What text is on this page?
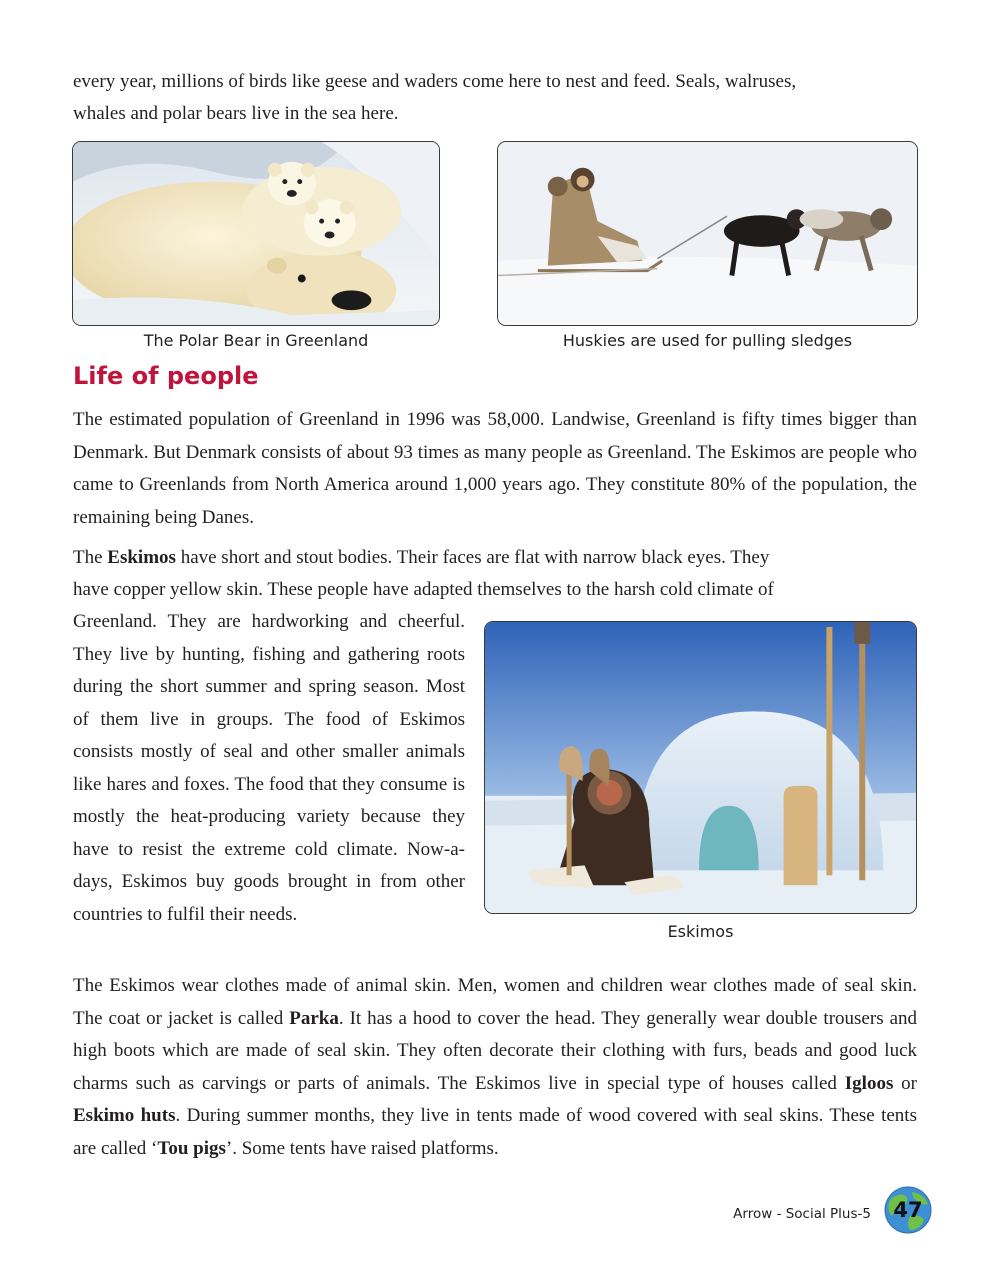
every year, millions of birds like geese and waders come here to nest and feed. Seals, walruses,

whales and polar bears live in the sea here.

The Polar Bear in Greenland	Huskies are used for pulling sledges
Life of people

The estimated population of Greenland in 1996 was 58,000. Landwise, Greenland is fifty times bigger than Denmark. But Denmark consists of about 93 times as many people as Greenland. The Eskimos are people who came to Greenlands from North America around 1,000 years ago. They constitute 80% of the population, the remaining being Danes.

The Eskimos have short and stout bodies. Their faces are flat with narrow black eyes. They

have copper yellow skin. These people have adapted themselves to the harsh cold climate of

Greenland. They are hardworking and cheerful. They live by hunting, fishing and gathering roots during the short summer and spring season. Most of them live in groups. The food of Eskimos consists mostly of seal and other smaller animals like hares and foxes. The food that they consume is mostly the heat-producing variety because they have to resist the extreme cold climate. Now-a-days, Eskimos buy goods brought in from other countries to fulfil their needs.

Eskimos

The Eskimos wear clothes made of animal skin. Men, women and children wear clothes made of seal skin. The coat or jacket is called Parka. It has a hood to cover the head. They generally wear double trousers and high boots which are made of seal skin. They often decorate their clothing with furs, beads and good luck charms such as carvings or parts of animals. The Eskimos live in special type of houses called Igloos or Eskimo huts. During summer months, they live in tents made of wood covered with seal skins. These tents are called ‘Tou pigs’. Some tents have raised platforms.

Arrow - Social Plus-5	47
